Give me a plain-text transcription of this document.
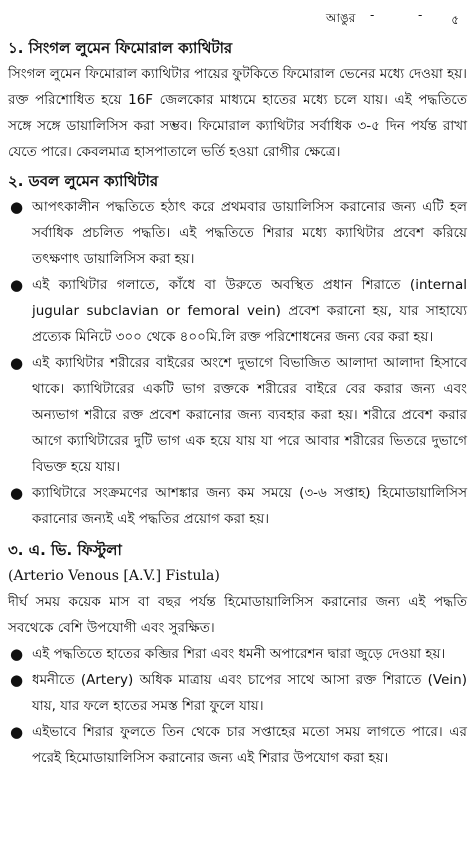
আঙুর -	- ৫
১. সিংগল লুমেন ফিমোরাল ক্যাথিটার

সিংগল লুমেন ফিমোরাল ক্যাথিটার পায়ের ফুটকিতে ফিমোরাল ভেনের মধ্যে দেওয়া হয়। রক্ত পরিশোধিত হয়ে 16F জেলকোর মাধ্যমে হাতের মধ্যে চলে যায়। এই পদ্ধতিতে সঙ্গে সঙ্গে ডায়ালিসিস করা সম্ভব। ফিমোরাল ক্যাথিটার সর্বাধিক ৩-৫ দিন পর্যন্ত রাখা যেতে পারে। কেবলমাত্র হাসপাতালে ভর্তি হওয়া রোগীর ক্ষেত্রে।

২. ডবল লুমেন ক্যাথিটার
● আপৎকালীন পদ্ধতিতে হঠাৎ করে প্রথমবার ডায়ালিসিস করানোর জন্য এটি হল সর্বাধিক প্রচলিত পদ্ধতি। এই পদ্ধতিতে শিরার মধ্যে ক্যাথিটার প্রবেশ করিয়ে তৎক্ষণাৎ ডায়ালিসিস করা হয়।
● এই ক্যাথিটার গলাতে, কাঁধে বা উরুতে অবস্থিত প্রধান শিরাতে (internal jugular subclavian or femoral vein) প্রবেশ করানো হয়, যার সাহায্যে প্রত্যেক মিনিটে ৩০০ থেকে ৪০০মি.লি রক্ত পরিশোধনের জন্য বের করা হয়।
● এই ক্যাথিটার শরীরের বাইরের অংশে দুভাগে বিভাজিত আলাদা আলাদা হিসাবে থাকে। ক্যাথিটারের একটি ভাগ রক্তকে শরীরের বাইরে বের করার জন্য এবং অন্যভাগ শরীরে রক্ত প্রবেশ করানোর জন্য ব্যবহার করা হয়। শরীরে প্রবেশ করার আগে ক্যাথিটারের দুটি ভাগ এক হয়ে যায় যা পরে আবার শরীরের ভিতরে দুভাগে বিভক্ত হয়ে যায়।
● ক্যাথিটারে সংক্রমণের আশঙ্কার জন্য কম সময়ে (৩-৬ সপ্তাহ) হিমোডায়ালিসিস করানোর জন্যই এই পদ্ধতির প্রয়োগ করা হয়।
৩. এ. ভি. ফিস্টুলা
(Arterio Venous [A.V.] Fistula)

দীর্ঘ সময় কয়েক মাস বা বছর পর্যন্ত হিমোডায়ালিসিস করানোর জন্য এই পদ্ধতি সবথেকে বেশি উপযোগী এবং সুরক্ষিত।

● এই পদ্ধতিতে হাতের কব্জির শিরা এবং ধমনী অপারেশন দ্বারা জুড়ে দেওয়া হয়।
● ধমনীতে (Artery) অধিক মাত্রায় এবং চাপের সাথে আসা রক্ত শিরাতে (Vein) যায়, যার ফলে হাতের সমস্ত শিরা ফুলে যায়।
● এইভাবে শিরার ফুলতে তিন থেকে চার সপ্তাহের মতো সময় লাগতে পারে। এর পরেই হিমোডায়ালিসিস করানোর জন্য এই শিরার উপযোগ করা হয়।
